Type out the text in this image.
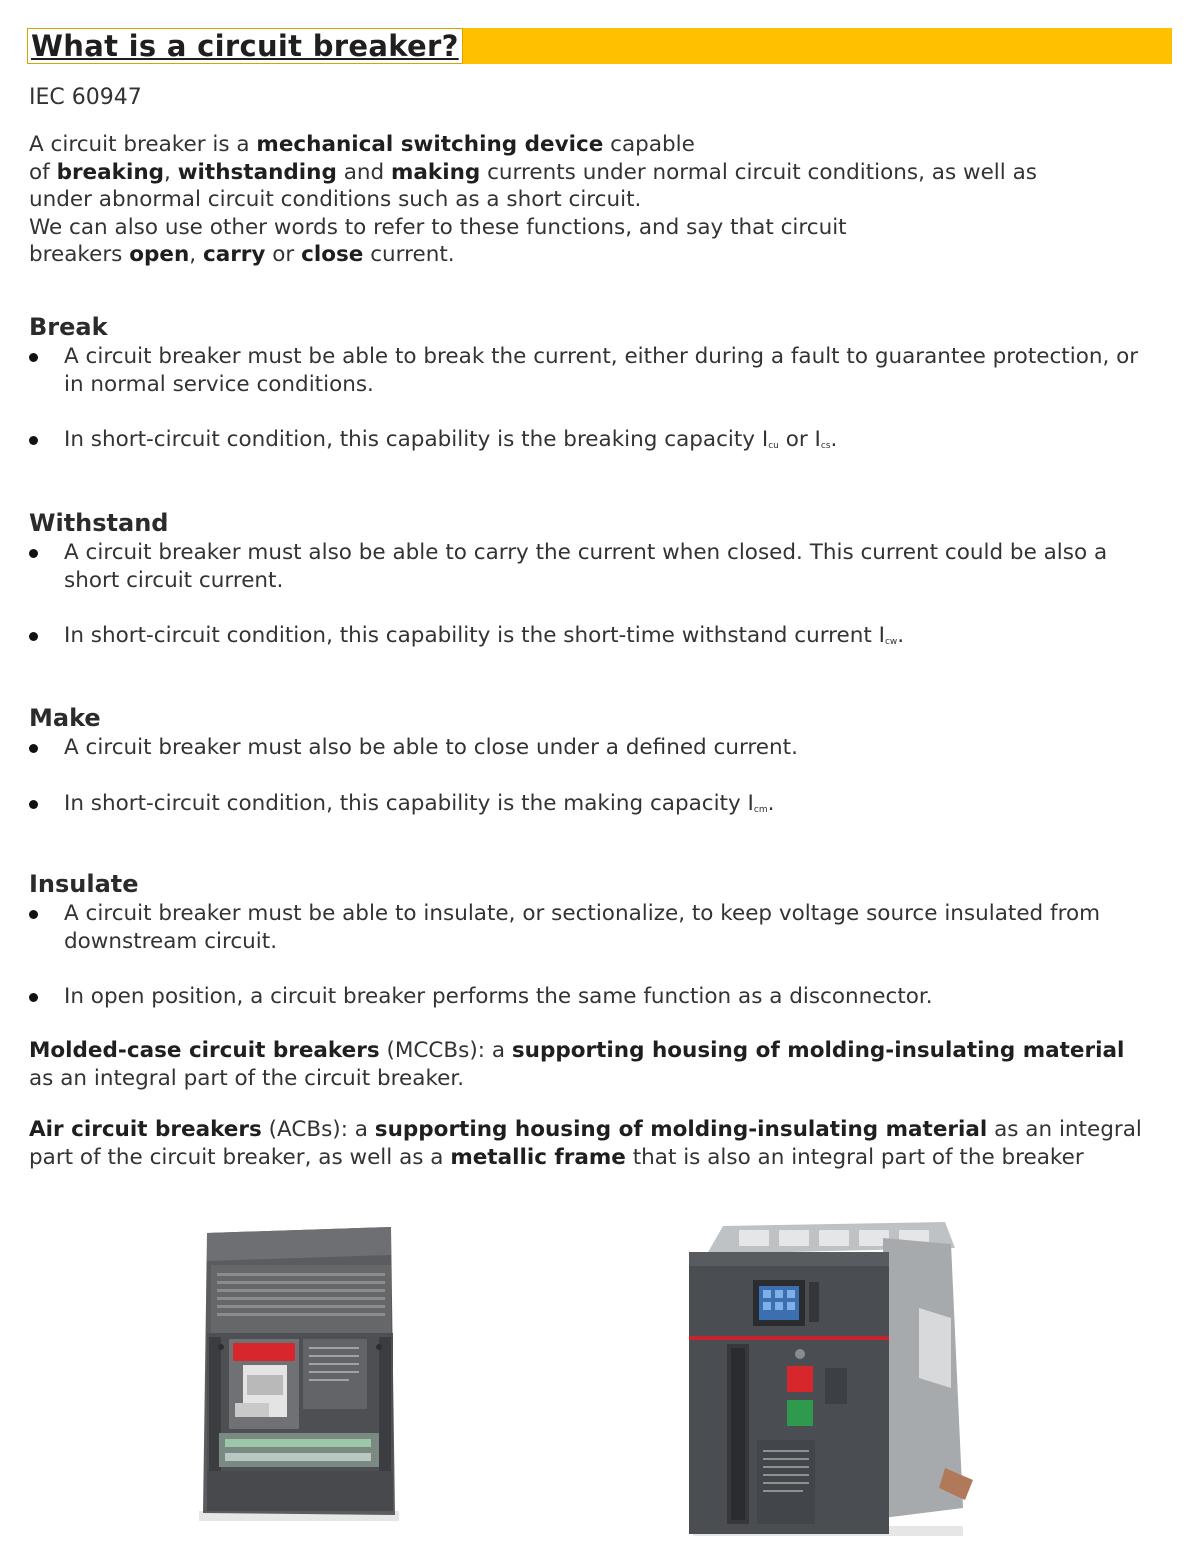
What is a circuit breaker?
IEC 60947
A circuit breaker is a mechanical switching device capable
of breaking, withstanding and making currents under normal circuit conditions, as well as
under abnormal circuit conditions such as a short circuit.
We can also use other words to refer to these functions, and say that circuit
breakers open, carry or close current.
Break
A circuit breaker must be able to break the current, either during a fault to guarantee protection, or in normal service conditions.
In short-circuit condition, this capability is the breaking capacity $I_{cu}$ or $I_{cs}$.
Withstand
A circuit breaker must also be able to carry the current when closed. This current could be also a short circuit current.
In short-circuit condition, this capability is the short-time withstand current $I_{cw}$.
Make
A circuit breaker must also be able to close under a defined current.
In short-circuit condition, this capability is the making capacity $I_{cm}$.
Insulate
A circuit breaker must be able to insulate, or sectionalize, to keep voltage source insulated from downstream circuit.
In open position, a circuit breaker performs the same function as a disconnector.
Molded-case circuit breakers (MCCBs): a supporting housing of molding-insulating material as an integral part of the circuit breaker.
Air circuit breakers (ACBs): a supporting housing of molding-insulating material as an integral part of the circuit breaker, as well as a metallic frame that is also an integral part of the breaker
